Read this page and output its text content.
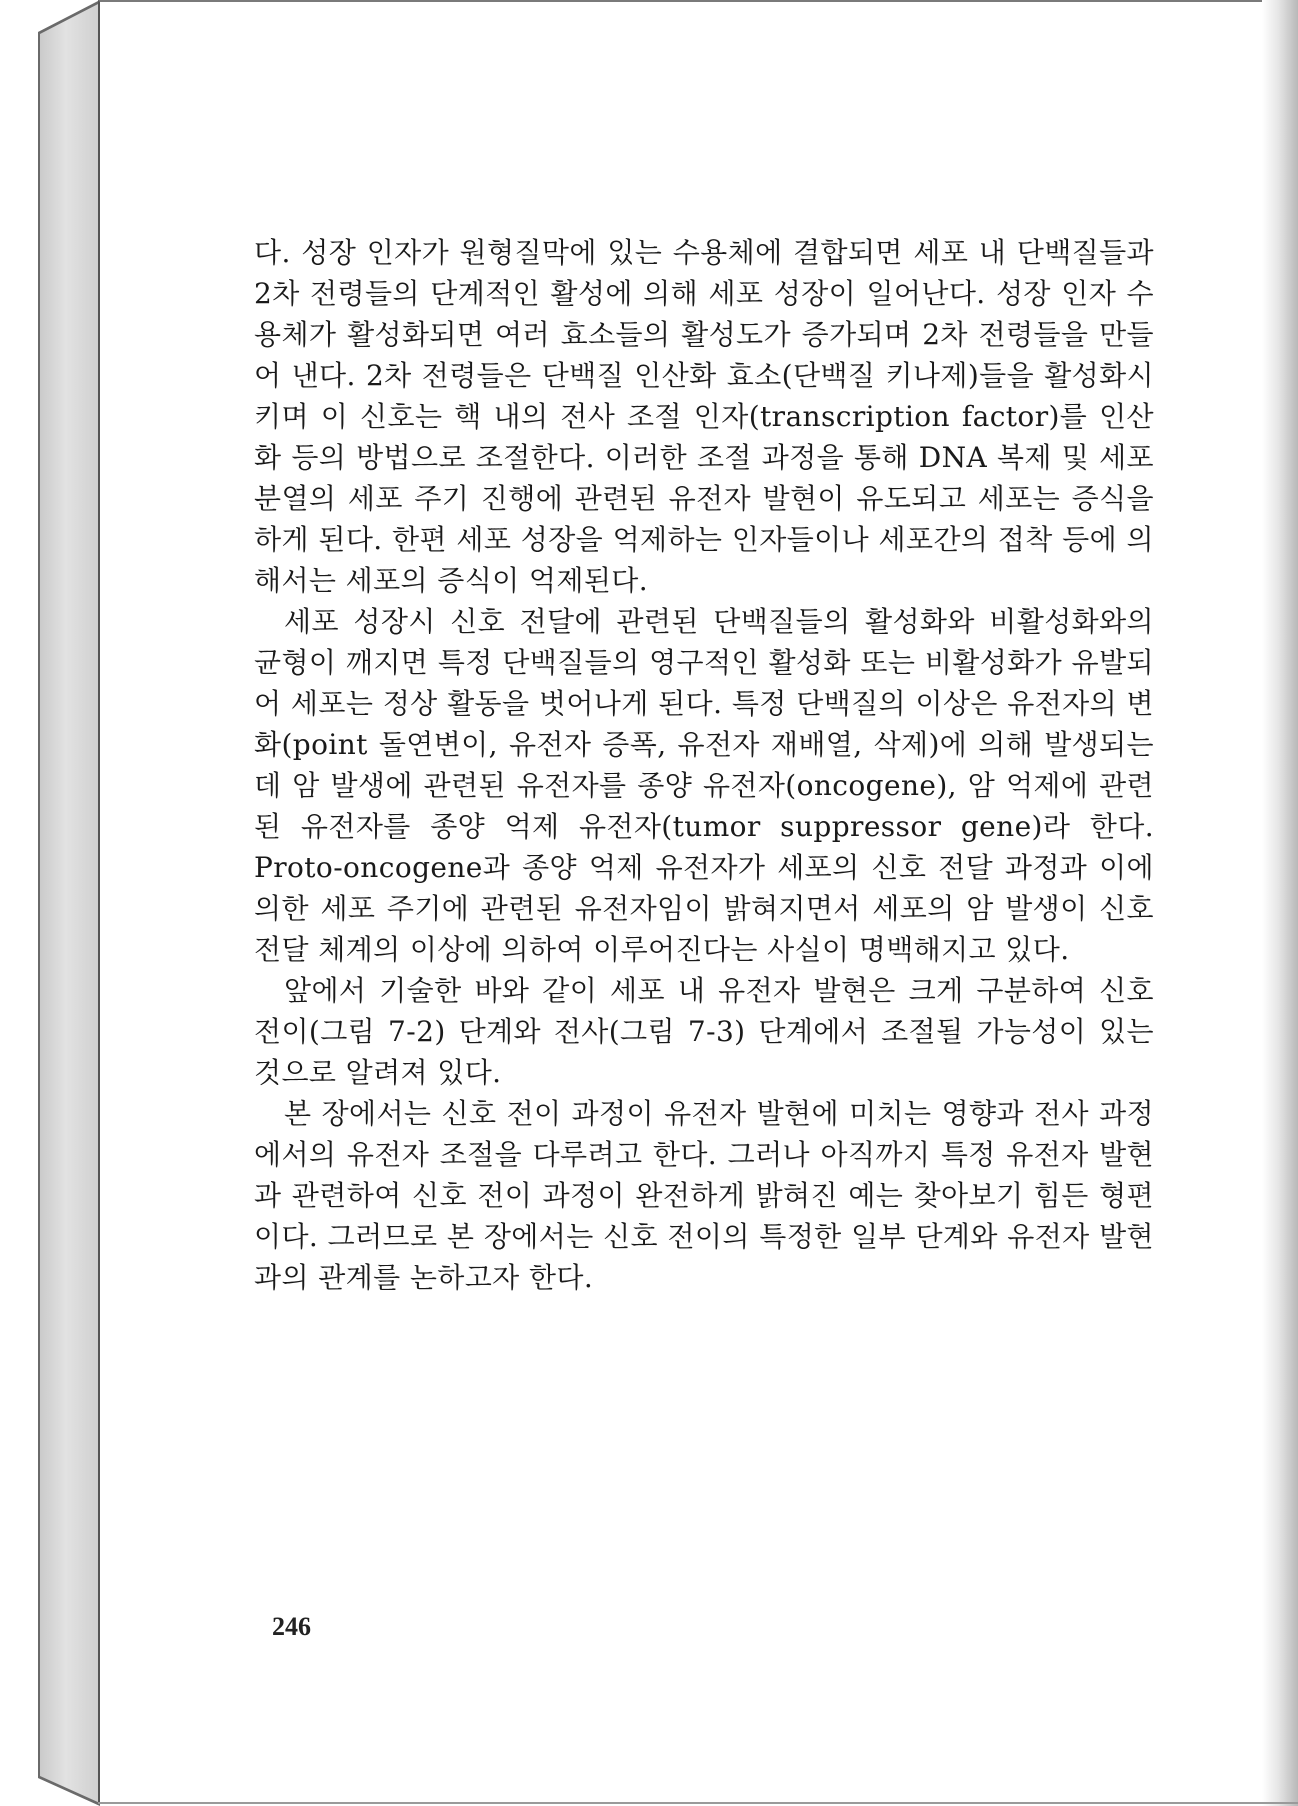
다. 성장 인자가 원형질막에 있는 수용체에 결합되면 세포 내 단백질들과 2차 전령들의 단계적인 활성에 의해 세포 성장이 일어난다. 성장 인자 수용체가 활성화되면 여러 효소들의 활성도가 증가되며 2차 전령들을 만들어 낸다. 2차 전령들은 단백질 인산화 효소(단백질 키나제)들을 활성화시키며 이 신호는 핵 내의 전사 조절 인자(transcription factor)를 인산화 등의 방법으로 조절한다. 이러한 조절 과정을 통해 DNA 복제 및 세포 분열의 세포 주기 진행에 관련된 유전자 발현이 유도되고 세포는 증식을 하게 된다. 한편 세포 성장을 억제하는 인자들이나 세포간의 접착 등에 의해서는 세포의 증식이 억제된다.

세포 성장시 신호 전달에 관련된 단백질들의 활성화와 비활성화와의 균형이 깨지면 특정 단백질들의 영구적인 활성화 또는 비활성화가 유발되어 세포는 정상 활동을 벗어나게 된다. 특정 단백질의 이상은 유전자의 변화(point 돌연변이, 유전자 증폭, 유전자 재배열, 삭제)에 의해 발생되는데 암 발생에 관련된 유전자를 종양 유전자(oncogene), 암 억제에 관련된 유전자를 종양 억제 유전자(tumor suppressor gene)라 한다. Proto-oncogene과 종양 억제 유전자가 세포의 신호 전달 과정과 이에 의한 세포 주기에 관련된 유전자임이 밝혀지면서 세포의 암 발생이 신호 전달 체계의 이상에 의하여 이루어진다는 사실이 명백해지고 있다.

앞에서 기술한 바와 같이 세포 내 유전자 발현은 크게 구분하여 신호 전이(그림 7-2) 단계와 전사(그림 7-3) 단계에서 조절될 가능성이 있는 것으로 알려져 있다.

본 장에서는 신호 전이 과정이 유전자 발현에 미치는 영향과 전사 과정에서의 유전자 조절을 다루려고 한다. 그러나 아직까지 특정 유전자 발현과 관련하여 신호 전이 과정이 완전하게 밝혀진 예는 찾아보기 힘든 형편이다. 그러므로 본 장에서는 신호 전이의 특정한 일부 단계와 유전자 발현과의 관계를 논하고자 한다.

246
